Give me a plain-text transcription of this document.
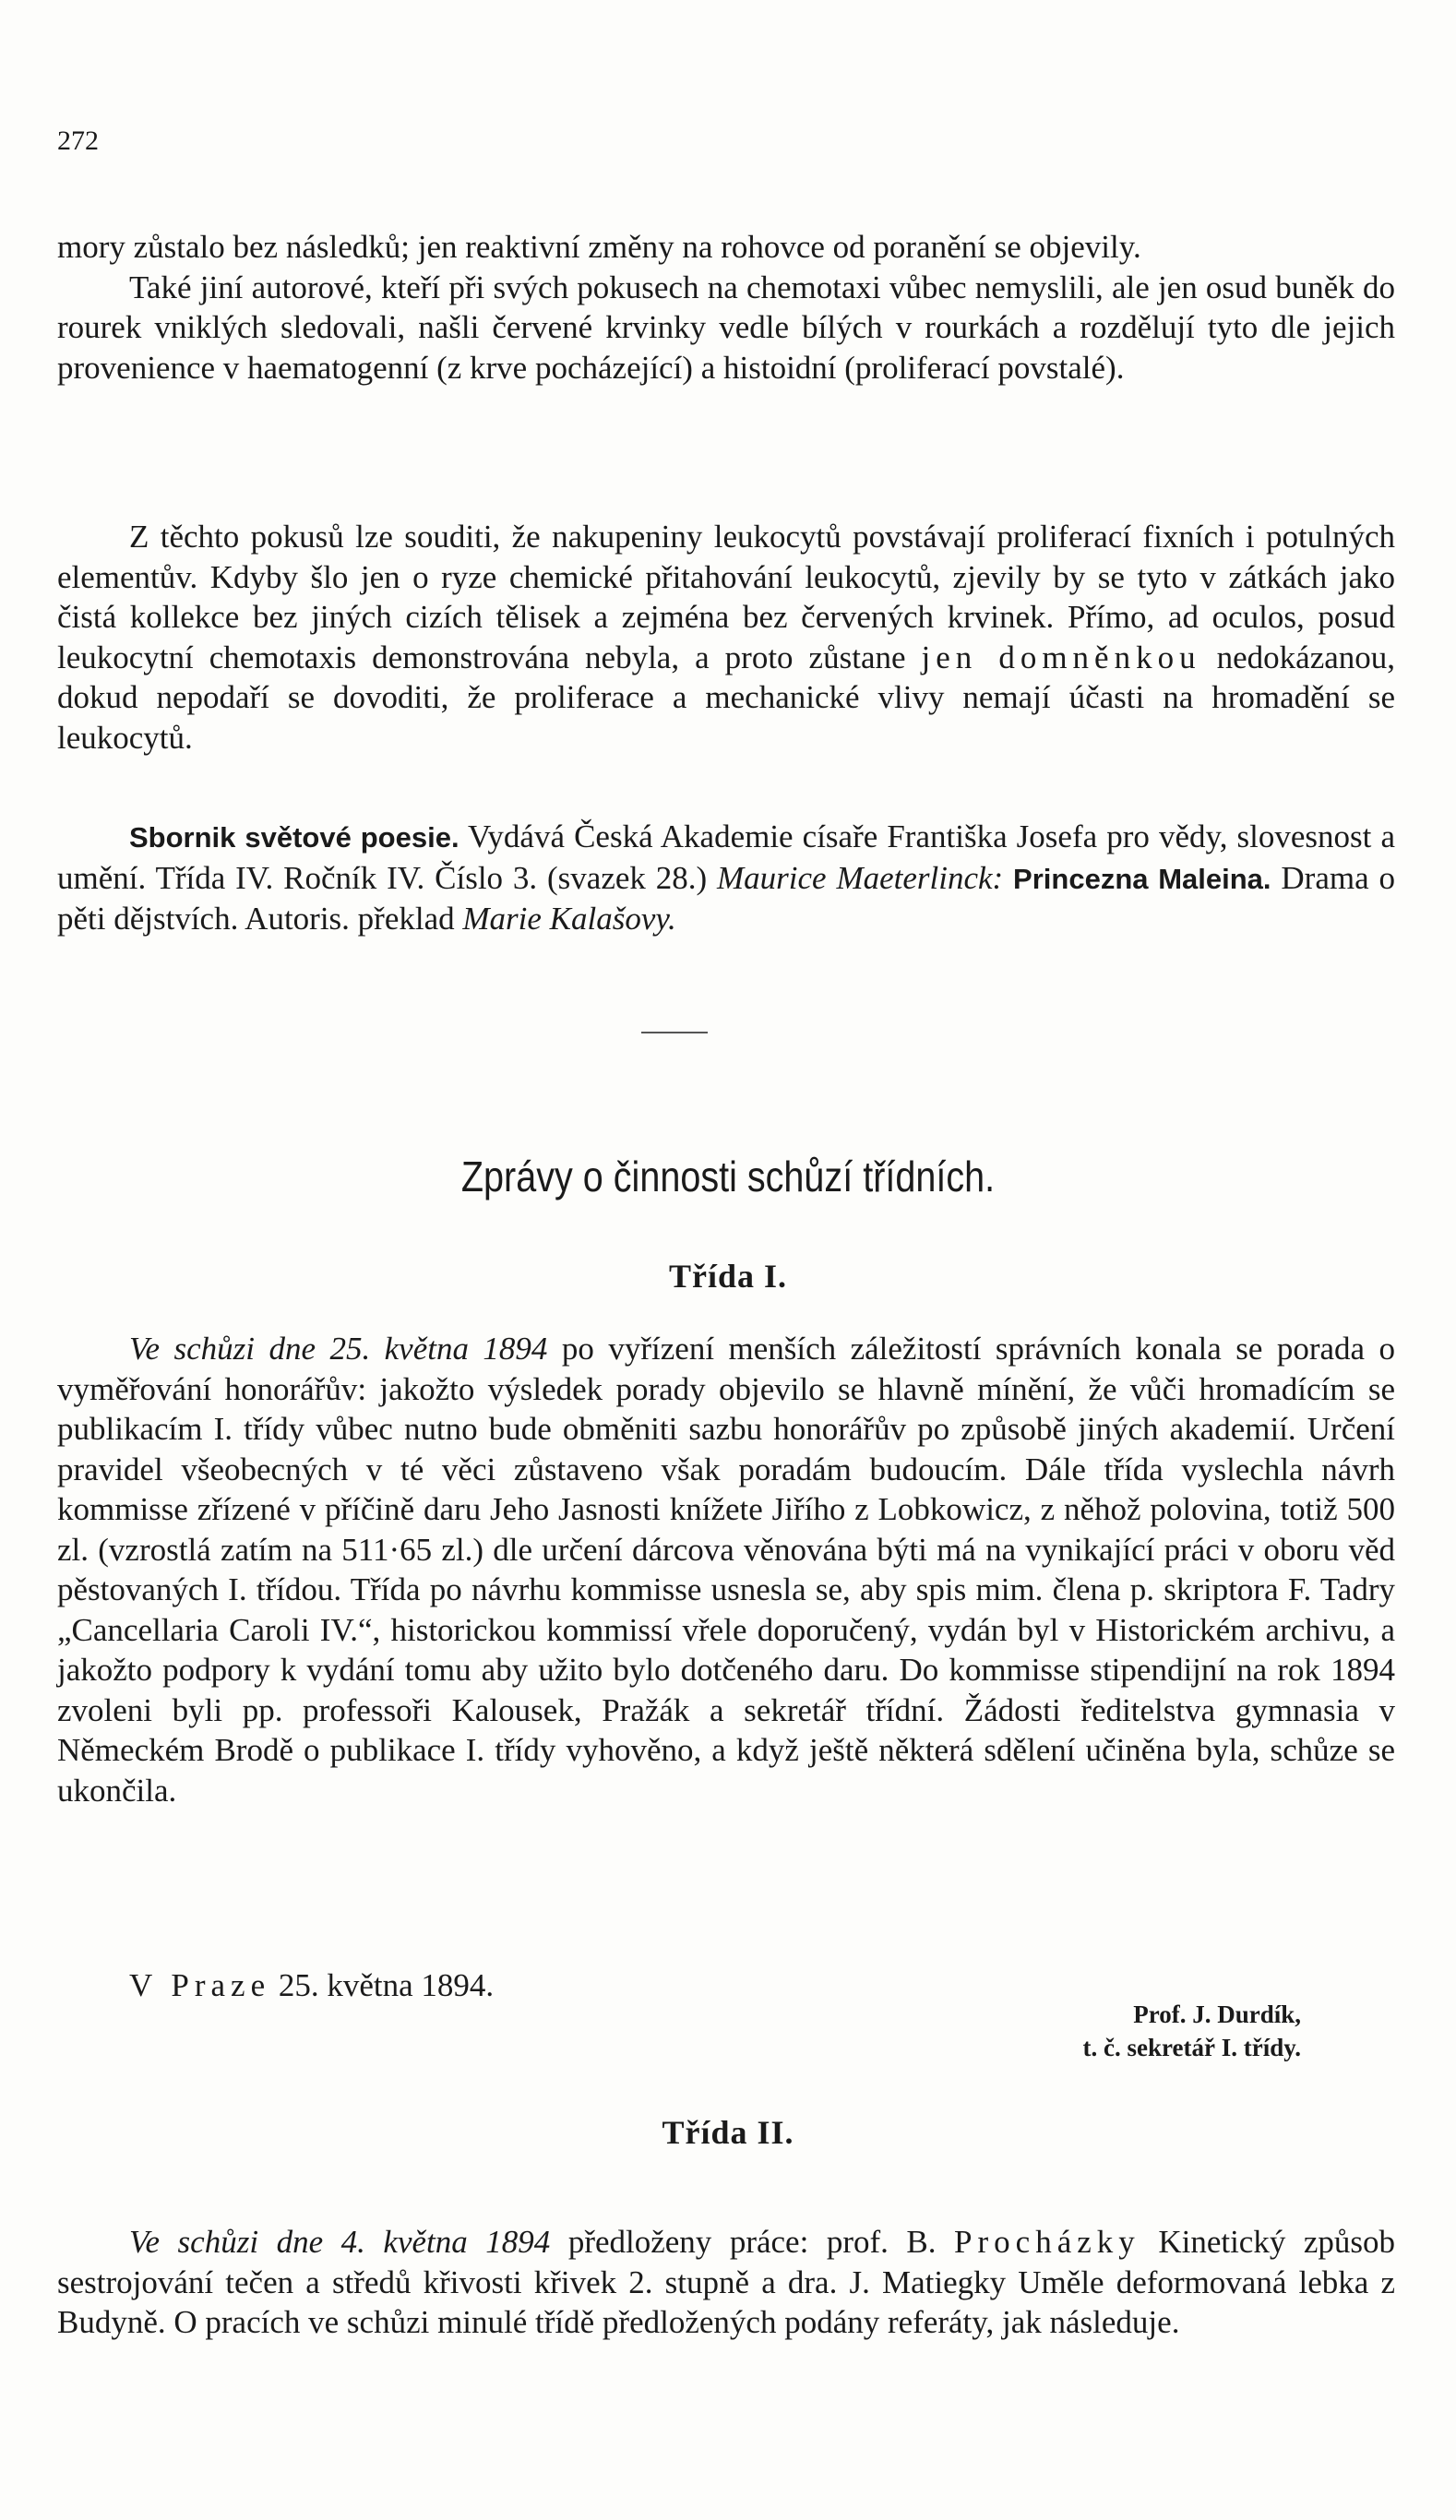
272

mory zůstalo bez následků; jen reaktivní změny na rohovce od poranění se objevily.

Také jiní autorové, kteří při svých pokusech na chemotaxi vůbec nemyslili, ale jen osud buněk do rourek vniklých sledovali, našli červené krvinky vedle bílých v rourkách a rozdělují tyto dle jejich provenience v haematogenní (z krve pocházející) a histoidní (proliferací povstalé).

Z těchto pokusů lze souditi, že nakupeniny leukocytů povstávají proliferací fixních i potulných elementův. Kdyby šlo jen o ryze chemické přitahování leukocytů, zjevily by se tyto v zátkách jako čistá kollekce bez jiných cizích tělisek a zejména bez červených krvinek. Přímo, ad oculos, posud leukocytní chemotaxis demonstrována nebyla, a proto zůstane jen domněnkou nedokázanou, dokud nepodaří se dovoditi, že proliferace a mechanické vlivy nemají účasti na hromadění se leukocytů.

Sbornik světové poesie. Vydává Česká Akademie císaře Františka Josefa pro vědy, slovesnost a umění. Třída IV. Ročník IV. Číslo 3. (svazek 28.) Maurice Maeterlinck: Princezna Maleina. Drama o pěti dějstvích. Autoris. překlad Marie Kalašovy.

Zprávy o činnosti schůzí třídních.
Třída I.

Ve schůzi dne 25. května 1894 po vyřízení menších záležitostí správních konala se porada o vyměřování honorářův: jakožto výsledek porady objevilo se hlavně mínění, že vůči hromadícím se publikacím I. třídy vůbec nutno bude obměniti sazbu honorářův po způsobě jiných akademií. Určení pravidel všeobecných v té věci zůstaveno však poradám budoucím. Dále třída vyslechla návrh kommisse zřízené v příčině daru Jeho Jasnosti knížete Jiřího z Lobkowicz, z něhož polovina, totiž 500 zl. (vzrostlá zatím na 511·65 zl.) dle určení dárcova věnována býti má na vynikající práci v oboru věd pěstovaných I. třídou. Třída po návrhu kommisse usnesla se, aby spis mim. člena p. skriptora F. Tadry „Cancellaria Caroli IV.“, historickou kommissí vřele doporučený, vydán byl v Historickém archivu, a jakožto podpory k vydání tomu aby užito bylo dotčeného daru. Do kommisse stipendijní na rok 1894 zvoleni byli pp. professoři Kalousek, Pražák a sekretář třídní. Žádosti ředitelstva gymnasia v Německém Brodě o publikace I. třídy vyhověno, a když ještě některá sdělení učiněna byla, schůze se ukončila.

V Praze 25. května 1894.
Prof. J. Durdík,
t. č. sekretář I. třídy.
Třída II.

Ve schůzi dne 4. května 1894 předloženy práce: prof. B. Procházky Kinetický způsob sestrojování tečen a středů křivosti křivek 2. stupně a dra. J. Matiegky Uměle deformovaná lebka z Budyně. O pracích ve schůzi minulé třídě předložených podány referáty, jak následuje.
